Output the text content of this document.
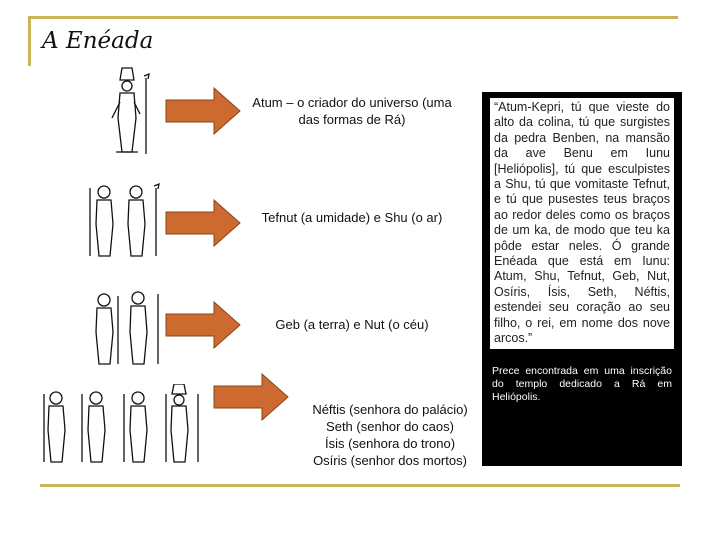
A Enéada
Atum – o criador do universo (uma
das formas de Rá)
Tefnut (a umidade) e Shu (o ar)
Geb (a terra) e Nut (o céu)
Néftis (senhora do palácio)
Seth (senhor do caos)
Ísis (senhora do trono)
Osíris (senhor dos mortos)

“Atum-Kepri, tú que vieste do alto da colina, tú que surgistes da pedra Benben, na mansão da ave Benu em Iunu [Heliópolis], tú que esculpistes a Shu, tú que vomitaste Tefnut, e tú que pusestes teus braços ao redor deles como os braços de um ka, de modo que teu ka pôde estar neles. Ó grande Enéada que está em Iunu: Atum, Shu, Tefnut, Geb, Nut, Osíris, Ísis, Seth, Néftis, estendei seu coração ao seu filho, o rei, em nome dos nove arcos.”

Prece encontrada em uma inscrição do templo dedicado a Rá em Heliópolis.
